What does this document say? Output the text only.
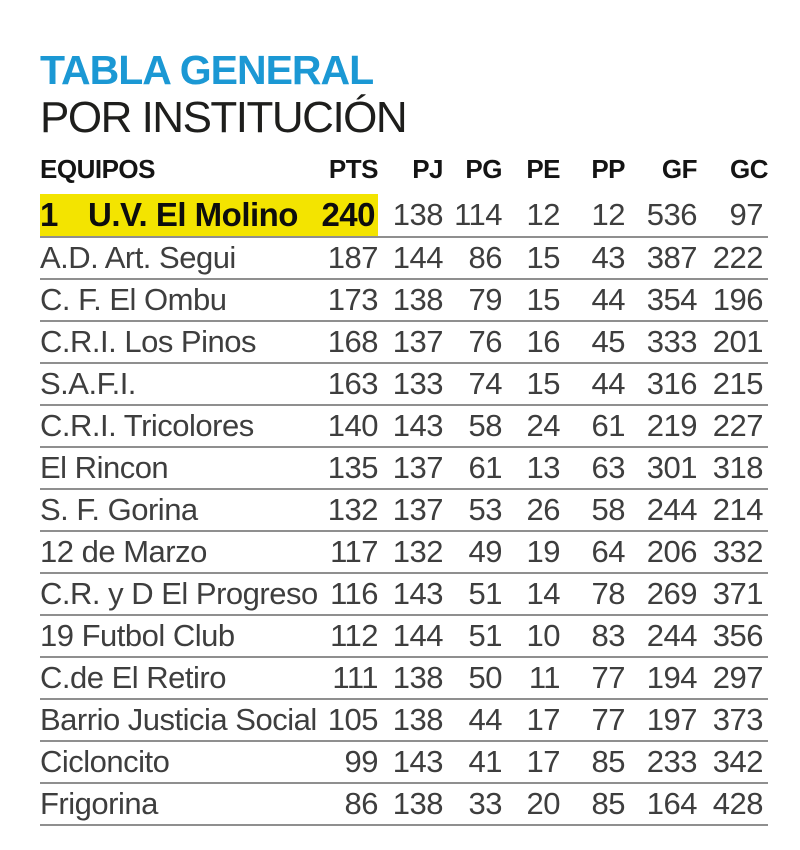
TABLA GENERAL
POR INSTITUCIÓN
EQUIPOS	PTS	PJ	PG	PE	PP	GF	GC
1 U.V. El Molino	240	138	114	12	12	536	97
A.D. Art. Segui	187	144	86	15	43	387	222
C. F. El Ombu	173	138	79	15	44	354	196
C.R.I. Los Pinos	168	137	76	16	45	333	201
S.A.F.I.	163	133	74	15	44	316	215
C.R.I. Tricolores	140	143	58	24	61	219	227
El Rincon	135	137	61	13	63	301	318
S. F. Gorina	132	137	53	26	58	244	214
12 de Marzo	117	132	49	19	64	206	332
C.R. y D El Progreso	116	143	51	14	78	269	371
19 Futbol Club	112	144	51	10	83	244	356
C.de El Retiro	111	138	50	11	77	194	297
Barrio Justicia Social	105	138	44	17	77	197	373
Cicloncito	99	143	41	17	85	233	342
Frigorina	86	138	33	20	85	164	428
